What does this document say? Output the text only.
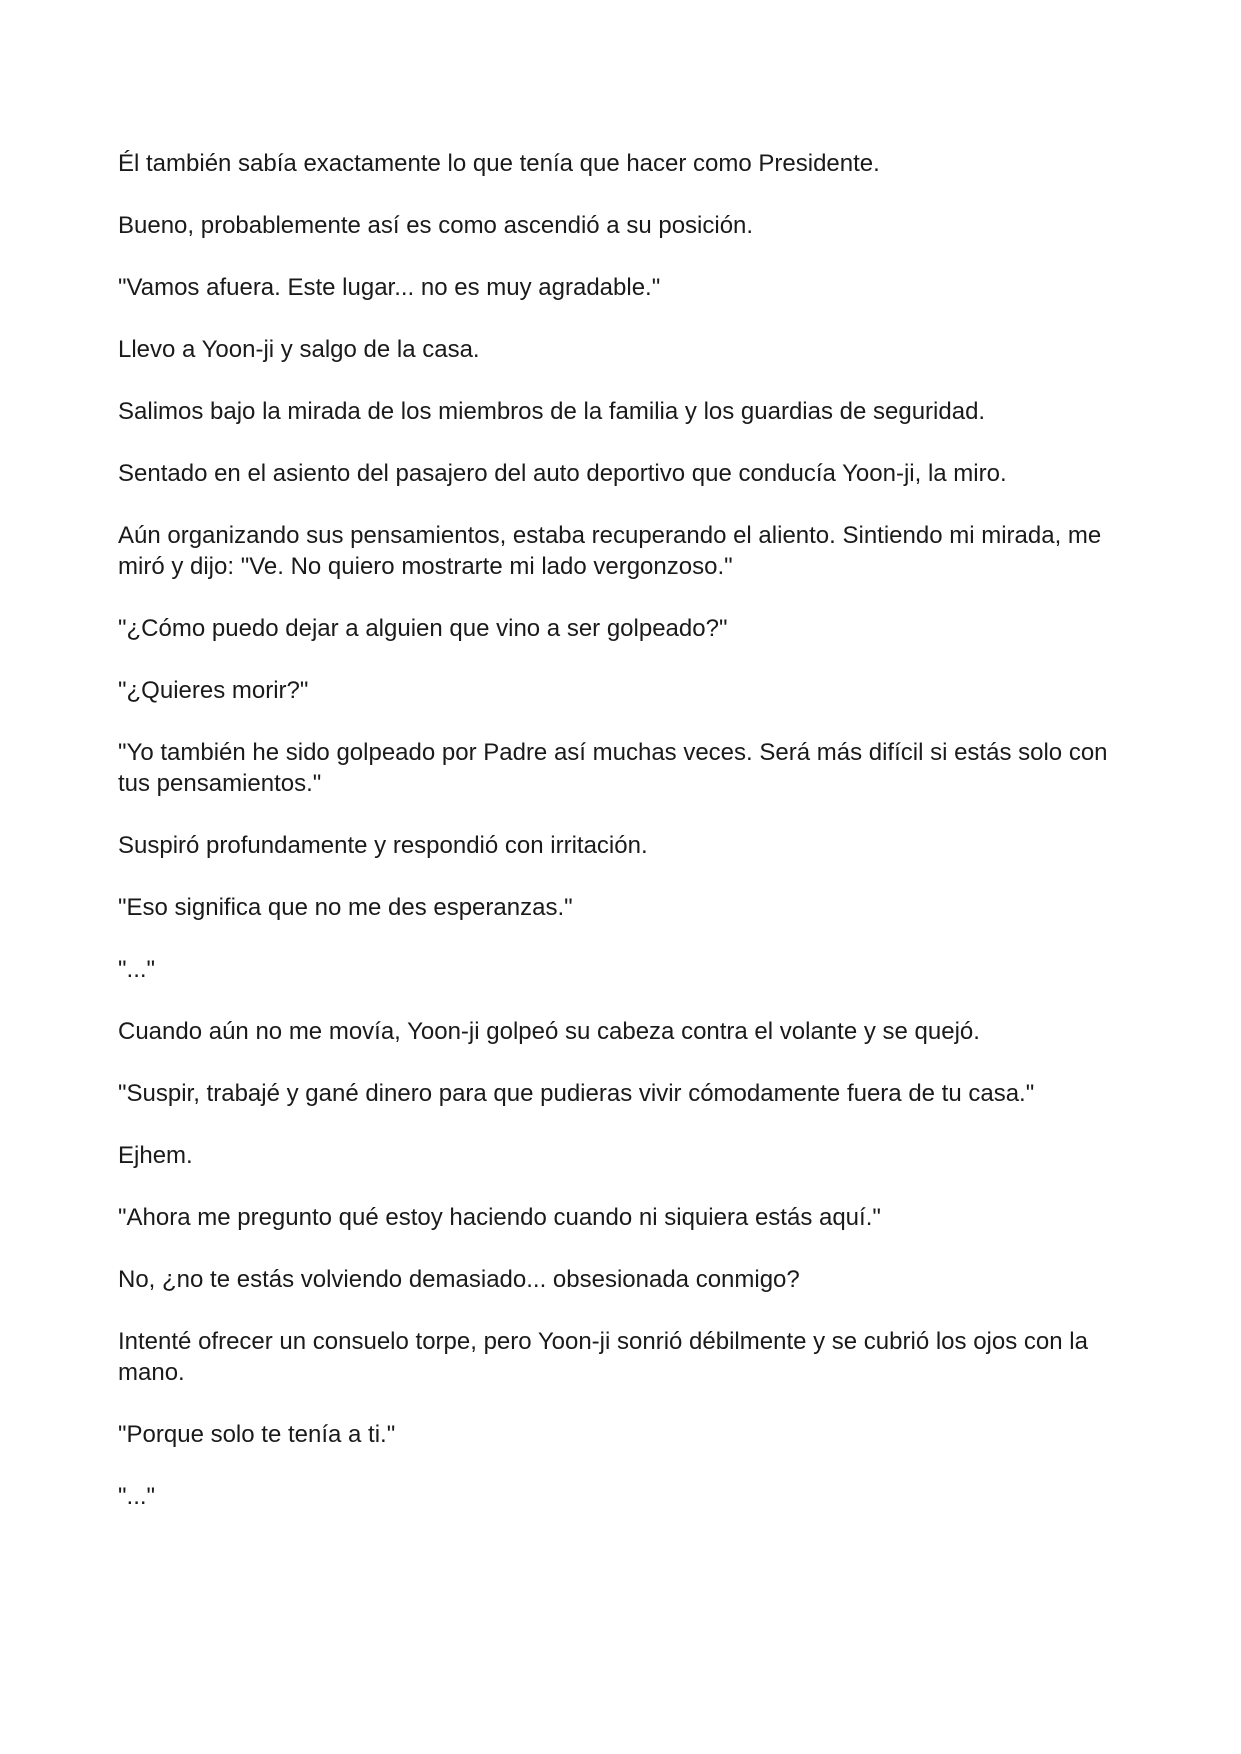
Él también sabía exactamente lo que tenía que hacer como Presidente.

Bueno, probablemente así es como ascendió a su posición.

"Vamos afuera. Este lugar... no es muy agradable."

Llevo a Yoon-ji y salgo de la casa.

Salimos bajo la mirada de los miembros de la familia y los guardias de seguridad.

Sentado en el asiento del pasajero del auto deportivo que conducía Yoon-ji, la miro.

Aún organizando sus pensamientos, estaba recuperando el aliento. Sintiendo mi mirada, me miró y dijo: "Ve. No quiero mostrarte mi lado vergonzoso."

"¿Cómo puedo dejar a alguien que vino a ser golpeado?"

"¿Quieres morir?"

"Yo también he sido golpeado por Padre así muchas veces. Será más difícil si estás solo con tus pensamientos."

Suspiró profundamente y respondió con irritación.

"Eso significa que no me des esperanzas."

"..."

Cuando aún no me movía, Yoon-ji golpeó su cabeza contra el volante y se quejó.

"Suspir, trabajé y gané dinero para que pudieras vivir cómodamente fuera de tu casa."

Ejhem.

"Ahora me pregunto qué estoy haciendo cuando ni siquiera estás aquí."

No, ¿no te estás volviendo demasiado... obsesionada conmigo?

Intenté ofrecer un consuelo torpe, pero Yoon-ji sonrió débilmente y se cubrió los ojos con la mano.

"Porque solo te tenía a ti."

"..."
